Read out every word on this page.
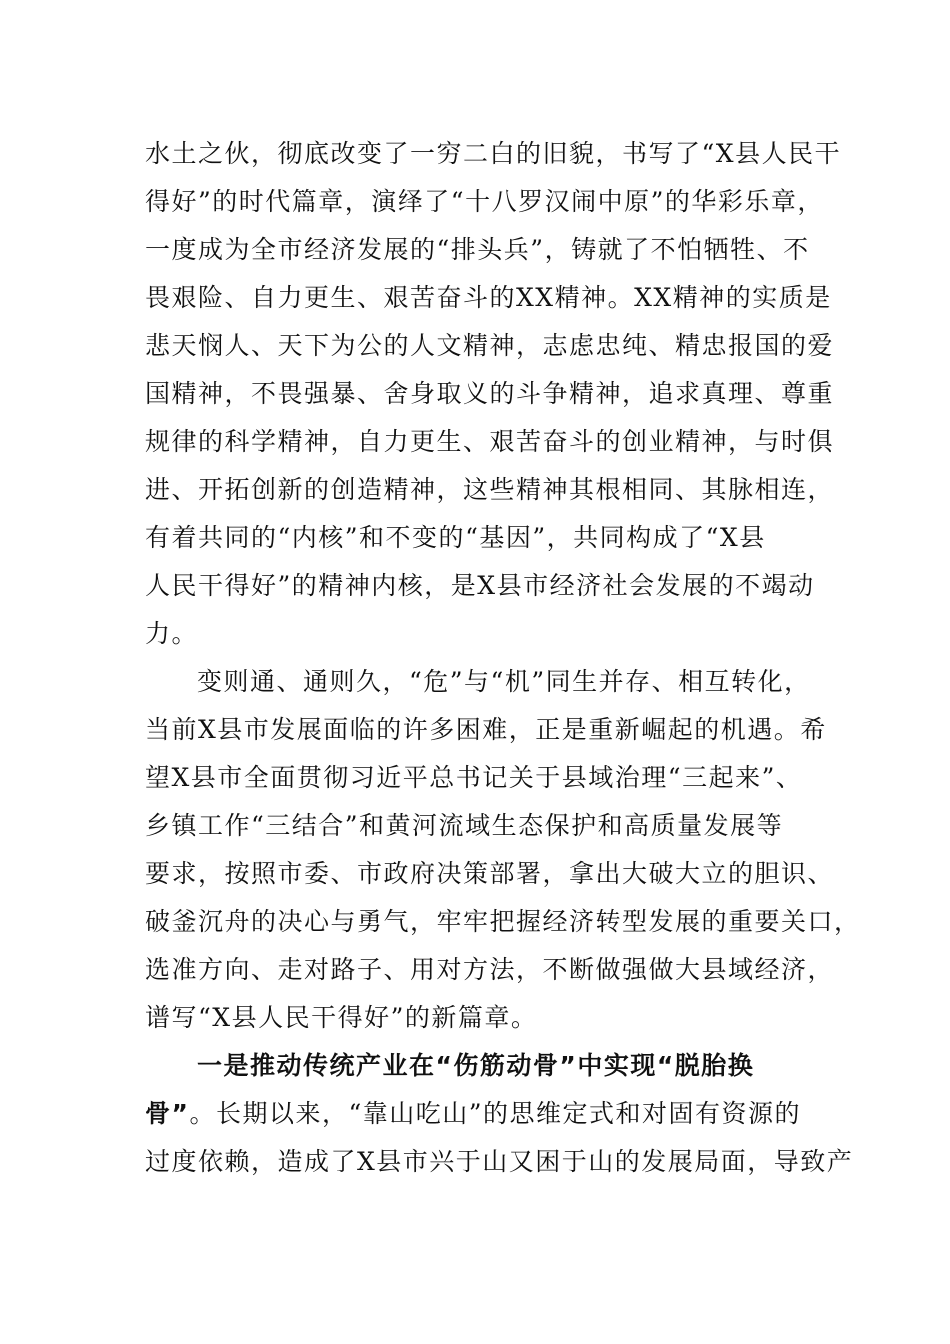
水土之伙，彻底改变了一穷二白的旧貌，书写了“X县人民干
得好”的时代篇章，演绎了“十八罗汉闹中原”的华彩乐章，
一度成为全市经济发展的“排头兵”，铸就了不怕牺牲、不
畏艰险、自力更生、艰苦奋斗的XX精神。XX精神的实质是
悲天悯人、天下为公的人文精神，志虑忠纯、精忠报国的爱
国精神，不畏强暴、舍身取义的斗争精神，追求真理、尊重
规律的科学精神，自力更生、艰苦奋斗的创业精神，与时俱
进、开拓创新的创造精神，这些精神其根相同、其脉相连，
有着共同的“内核”和不变的“基因”，共同构成了“X县
人民干得好”的精神内核，是X县市经济社会发展的不竭动
力。
变则通、通则久，“危”与“机”同生并存、相互转化，
当前X县市发展面临的许多困难，正是重新崛起的机遇。希
望X县市全面贯彻习近平总书记关于县域治理“三起来”、
乡镇工作“三结合”和黄河流域生态保护和高质量发展等
要求，按照市委、市政府决策部署，拿出大破大立的胆识、
破釜沉舟的决心与勇气，牢牢把握经济转型发展的重要关口，
选准方向、走对路子、用对方法，不断做强做大县域经济，
谱写“X县人民干得好”的新篇章。
一是推动传统产业在“伤筋动骨”中实现“脱胎换
骨”。长期以来，“靠山吃山”的思维定式和对固有资源的
过度依赖，造成了X县市兴于山又困于山的发展局面，导致产
